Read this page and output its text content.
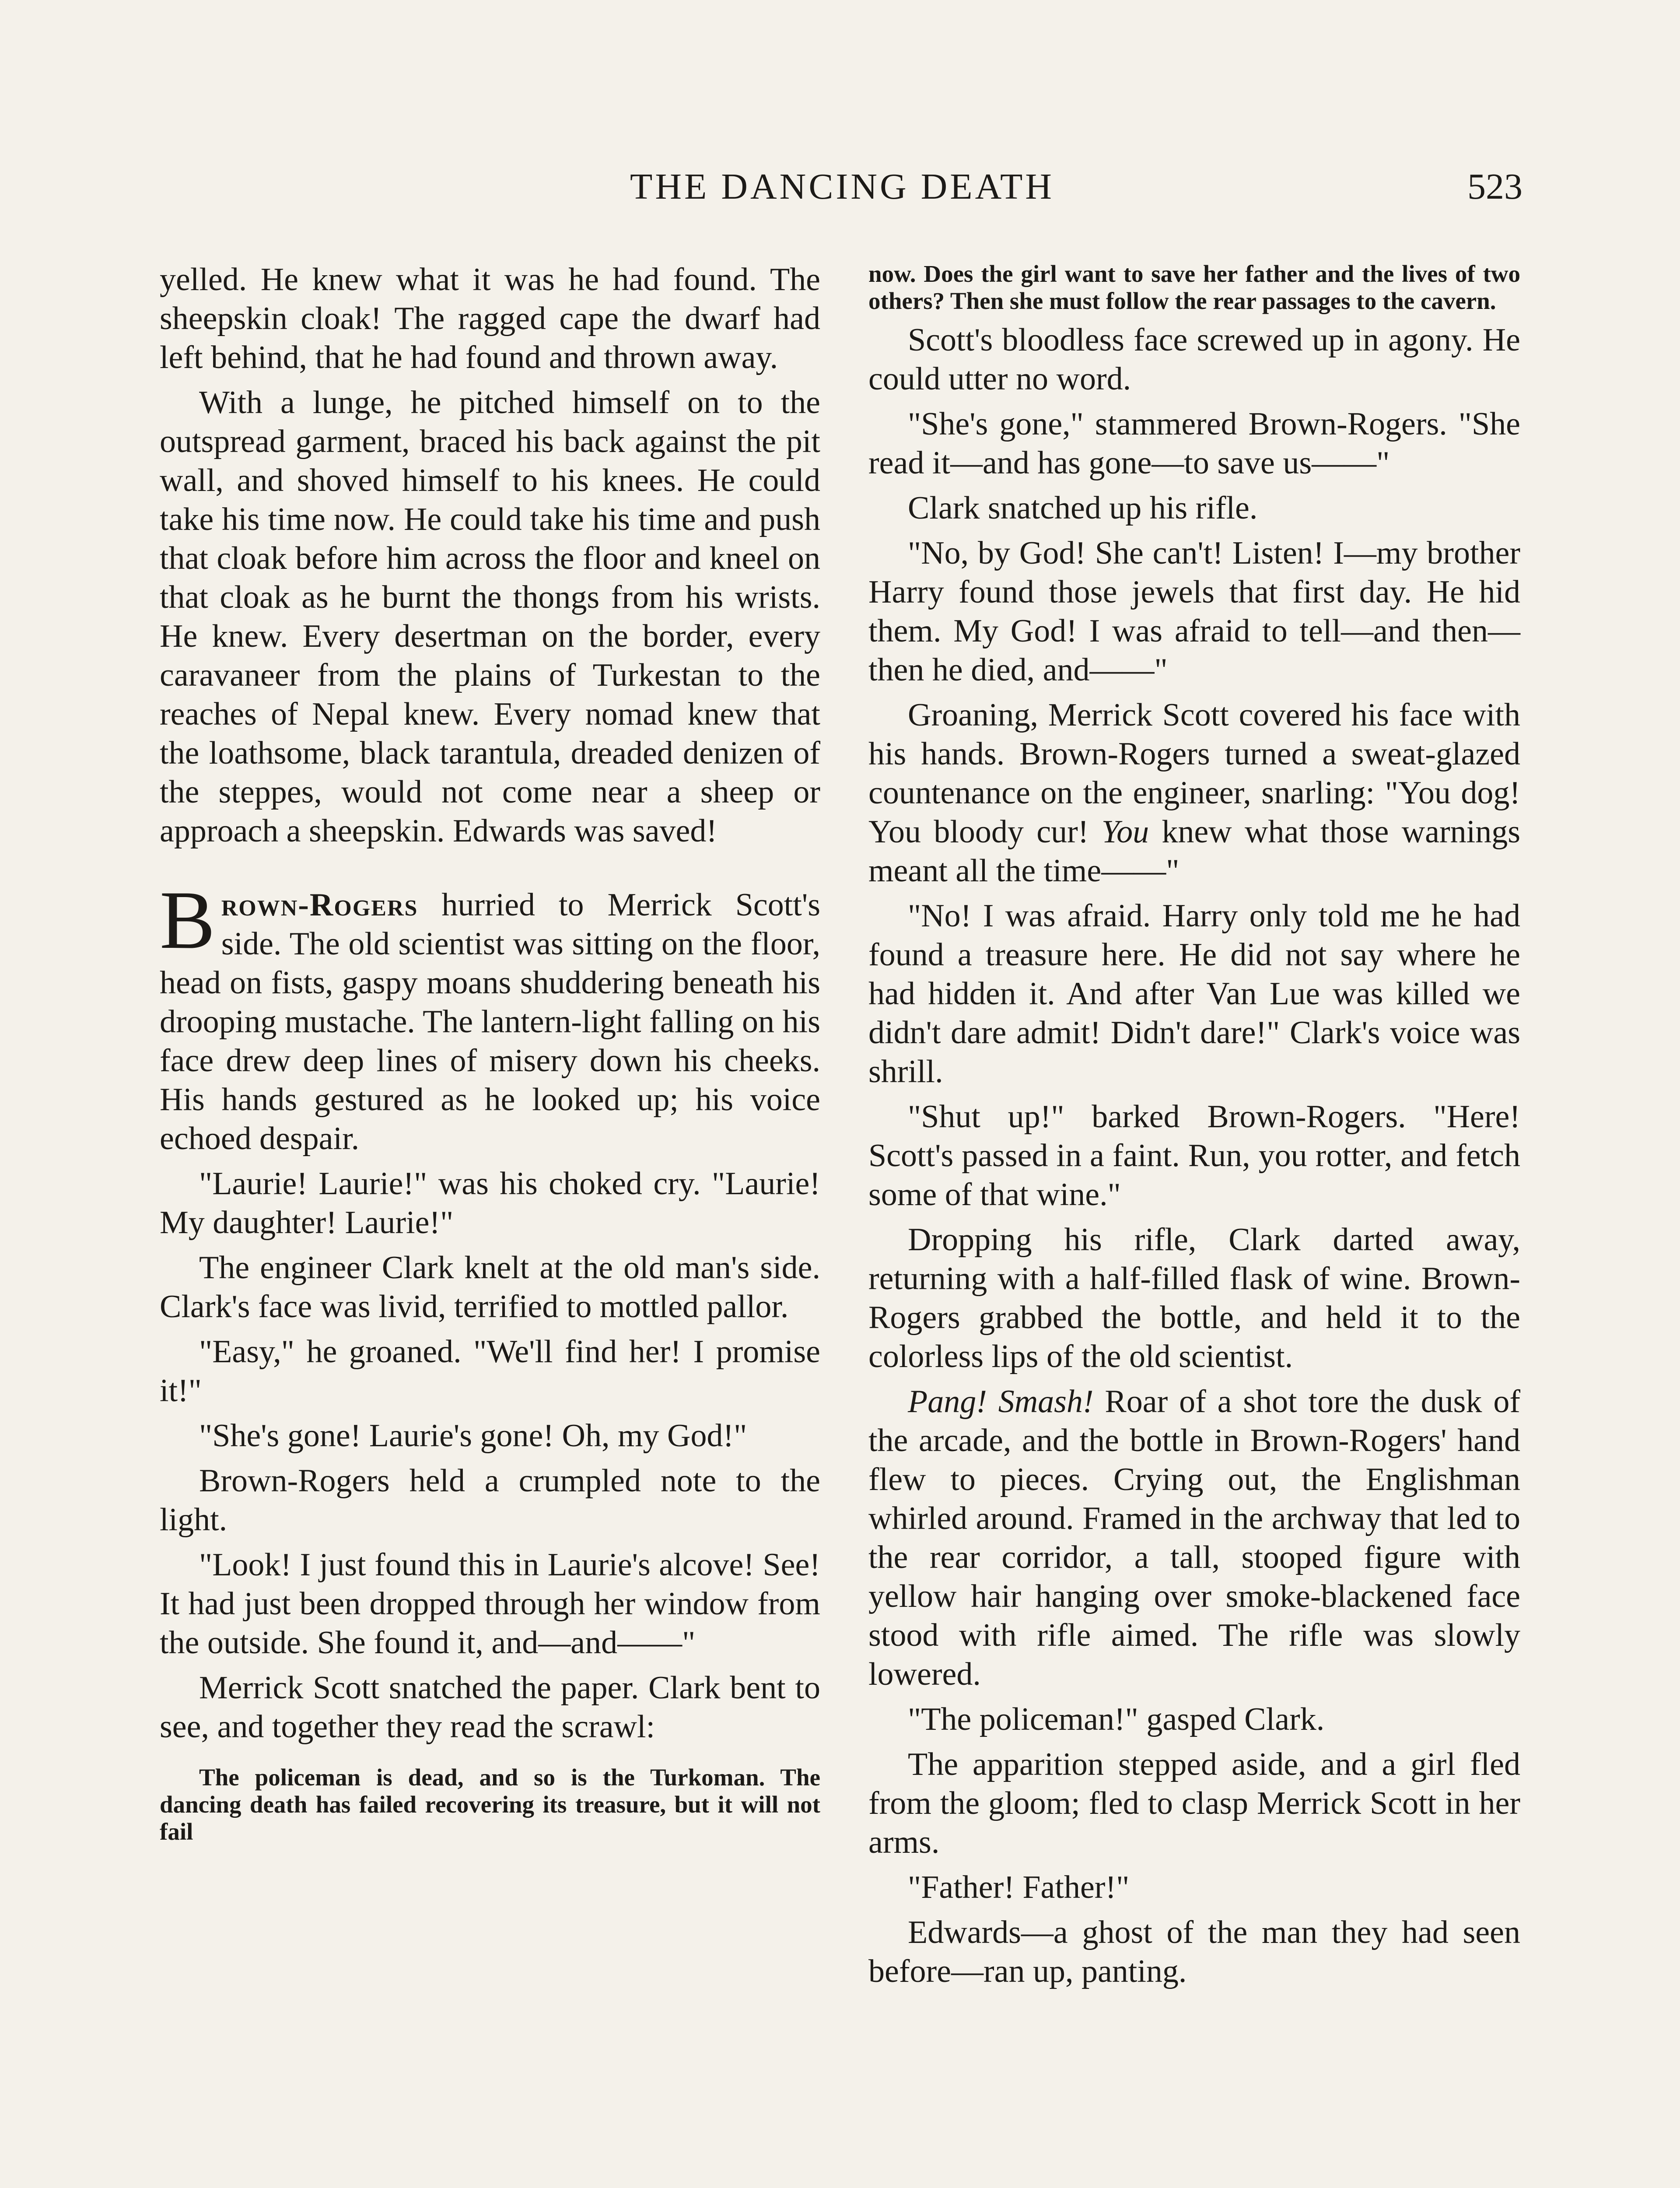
THE DANCING DEATH	523

yelled. He knew what it was he had found. The sheepskin cloak! The ragged cape the dwarf had left behind, that he had found and thrown away.

With a lunge, he pitched himself on to the outspread garment, braced his back against the pit wall, and shoved himself to his knees. He could take his time now. He could take his time and push that cloak before him across the floor and kneel on that cloak as he burnt the thongs from his wrists. He knew. Every desertman on the border, every caravaneer from the plains of Turkestan to the reaches of Nepal knew. Every nomad knew that the loathsome, black tarantula, dreaded denizen of the steppes, would not come near a sheep or approach a sheepskin. Edwards was saved!

Brown-Rogers hurried to Merrick Scott's side. The old scientist was sitting on the floor, head on fists, gaspy moans shuddering beneath his drooping mustache. The lantern-light falling on his face drew deep lines of misery down his cheeks. His hands gestured as he looked up; his voice echoed despair.

"Laurie! Laurie!" was his choked cry. "Laurie! My daughter! Laurie!"

The engineer Clark knelt at the old man's side. Clark's face was livid, terrified to mottled pallor.

"Easy," he groaned. "We'll find her! I promise it!"

"She's gone! Laurie's gone! Oh, my God!"

Brown-Rogers held a crumpled note to the light.

"Look! I just found this in Laurie's alcove! See! It had just been dropped through her window from the outside. She found it, and—and——"

Merrick Scott snatched the paper. Clark bent to see, and together they read the scrawl:

The policeman is dead, and so is the Turkoman. The dancing death has failed recovering its treasure, but it will not fail

now. Does the girl want to save her father and the lives of two others? Then she must follow the rear passages to the cavern.

Scott's bloodless face screwed up in agony. He could utter no word.

"She's gone," stammered Brown-Rogers. "She read it—and has gone—to save us——"

Clark snatched up his rifle.

"No, by God! She can't! Listen! I—my brother Harry found those jewels that first day. He hid them. My God! I was afraid to tell—and then—then he died, and——"

Groaning, Merrick Scott covered his face with his hands. Brown-Rogers turned a sweat-glazed countenance on the engineer, snarling: "You dog! You bloody cur! You knew what those warnings meant all the time——"

"No! I was afraid. Harry only told me he had found a treasure here. He did not say where he had hidden it. And after Van Lue was killed we didn't dare admit! Didn't dare!" Clark's voice was shrill.

"Shut up!" barked Brown-Rogers. "Here! Scott's passed in a faint. Run, you rotter, and fetch some of that wine."

Dropping his rifle, Clark darted away, returning with a half-filled flask of wine. Brown-Rogers grabbed the bottle, and held it to the colorless lips of the old scientist.

Pang! Smash! Roar of a shot tore the dusk of the arcade, and the bottle in Brown-Rogers' hand flew to pieces. Crying out, the Englishman whirled around. Framed in the archway that led to the rear corridor, a tall, stooped figure with yellow hair hanging over smoke-blackened face stood with rifle aimed. The rifle was slowly lowered.

"The policeman!" gasped Clark.

The apparition stepped aside, and a girl fled from the gloom; fled to clasp Merrick Scott in her arms.

"Father! Father!"

Edwards—a ghost of the man they had seen before—ran up, panting.
